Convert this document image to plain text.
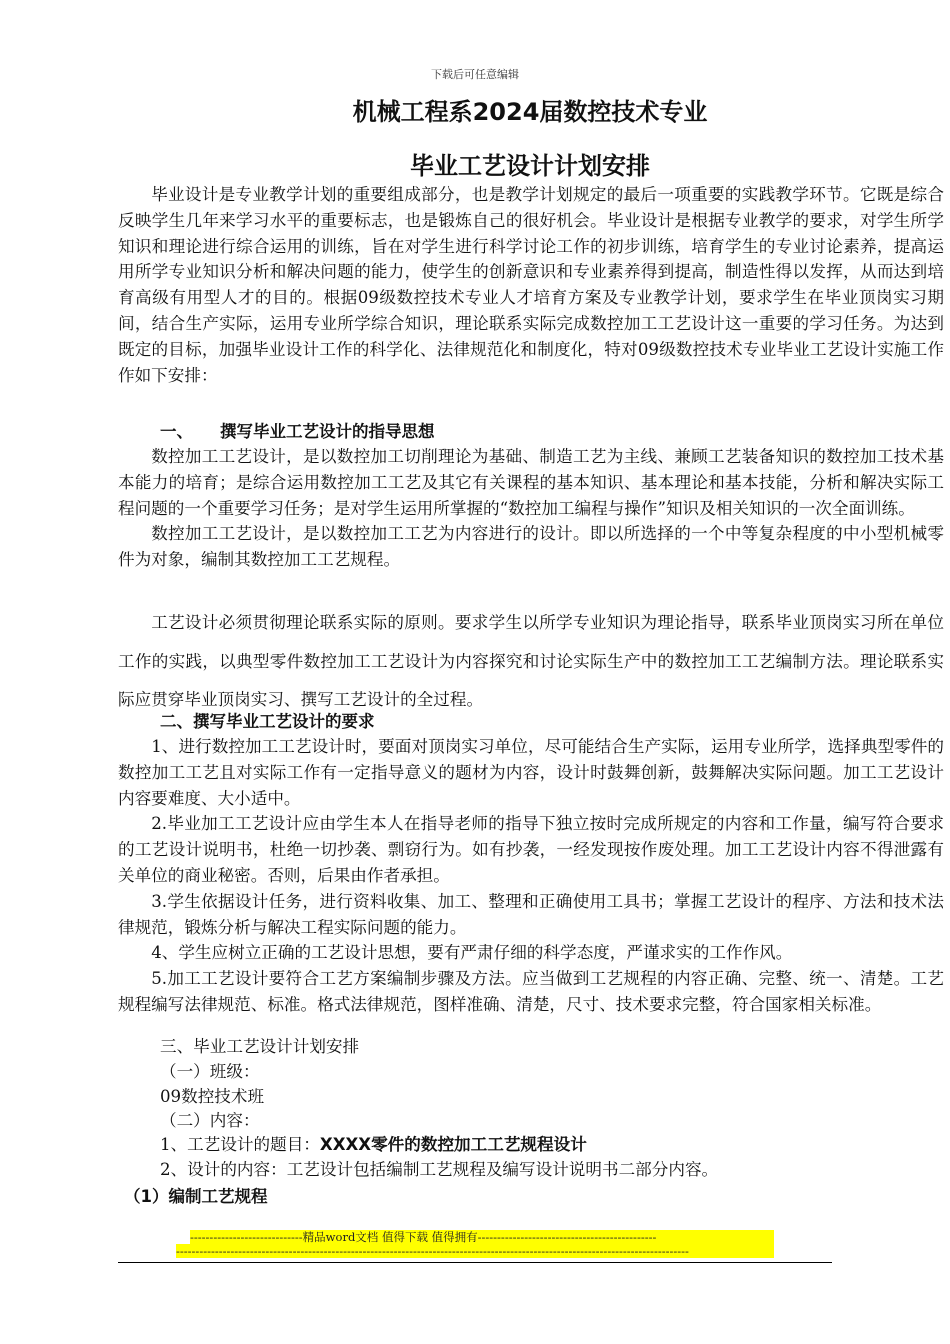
下载后可任意编辑
机械工程系2024届数控技术专业
毕业工艺设计计划安排

毕业设计是专业教学计划的重要组成部分，也是教学计划规定的最后一项重要的实践教学环节。它既是综合反映学生几年来学习水平的重要标志，也是锻炼自己的很好机会。毕业设计是根据专业教学的要求，对学生所学知识和理论进行综合运用的训练，旨在对学生进行科学讨论工作的初步训练，培育学生的专业讨论素养，提高运用所学专业知识分析和解决问题的能力，使学生的创新意识和专业素养得到提高，制造性得以发挥，从而达到培育高级有用型人才的目的。根据09级数控技术专业人才培育方案及专业教学计划，要求学生在毕业顶岗实习期间，结合生产实际，运用专业所学综合知识，理论联系实际完成数控加工工艺设计这一重要的学习任务。为达到既定的目标，加强毕业设计工作的科学化、法律规范化和制度化，特对09级数控技术专业毕业工艺设计实施工作作如下安排：

一、 撰写毕业工艺设计的指导思想

数控加工工艺设计，是以数控加工切削理论为基础、制造工艺为主线、兼顾工艺装备知识的数控加工技术基本能力的培育；是综合运用数控加工工艺及其它有关课程的基本知识、基本理论和基本技能，分析和解决实际工程问题的一个重要学习任务；是对学生运用所掌握的“数控加工编程与操作”知识及相关知识的一次全面训练。

数控加工工艺设计，是以数控加工工艺为内容进行的设计。即以所选择的一个中等复杂程度的中小型机械零件为对象，编制其数控加工工艺规程。

工艺设计必须贯彻理论联系实际的原则。要求学生以所学专业知识为理论指导，联系毕业顶岗实习所在单位工作的实践，以典型零件数控加工工艺设计为内容探究和讨论实际生产中的数控加工工艺编制方法。理论联系实际应贯穿毕业顶岗实习、撰写工艺设计的全过程。

二、撰写毕业工艺设计的要求

1、进行数控加工工艺设计时，要面对顶岗实习单位，尽可能结合生产实际，运用专业所学，选择典型零件的数控加工工艺且对实际工作有一定指导意义的题材为内容，设计时鼓舞创新，鼓舞解决实际问题。加工工艺设计内容要难度、大小适中。

2.毕业加工工艺设计应由学生本人在指导老师的指导下独立按时完成所规定的内容和工作量，编写符合要求的工艺设计说明书，杜绝一切抄袭、剽窃行为。如有抄袭，一经发现按作废处理。加工工艺设计内容不得泄露有关单位的商业秘密。否则，后果由作者承担。

3.学生依据设计任务，进行资料收集、加工、整理和正确使用工具书；掌握工艺设计的程序、方法和技术法律规范，锻炼分析与解决工程实际问题的能力。

4、学生应树立正确的工艺设计思想，要有严肃仔细的科学态度，严谨求实的工作作风。

5.加工工艺设计要符合工艺方案编制步骤及方法。应当做到工艺规程的内容正确、完整、统一、清楚。工艺规程编写法律规范、标准。格式法律规范，图样准确、清楚，尺寸、技术要求完整，符合国家相关标准。

三、毕业工艺设计计划安排
（一）班级：
09数控技术班
（二）内容：
1、工艺设计的题目：XXXX零件的数控加工工艺规程设计
-----------------------------精品word文档 值得下载 值得拥有----------------------------------------------
------------------------------------------------------------------------------------------------------------------------------------
2、设计的内容：工艺设计包括编制工艺规程及编写设计说明书二部分内容。
（1）编制工艺规程
